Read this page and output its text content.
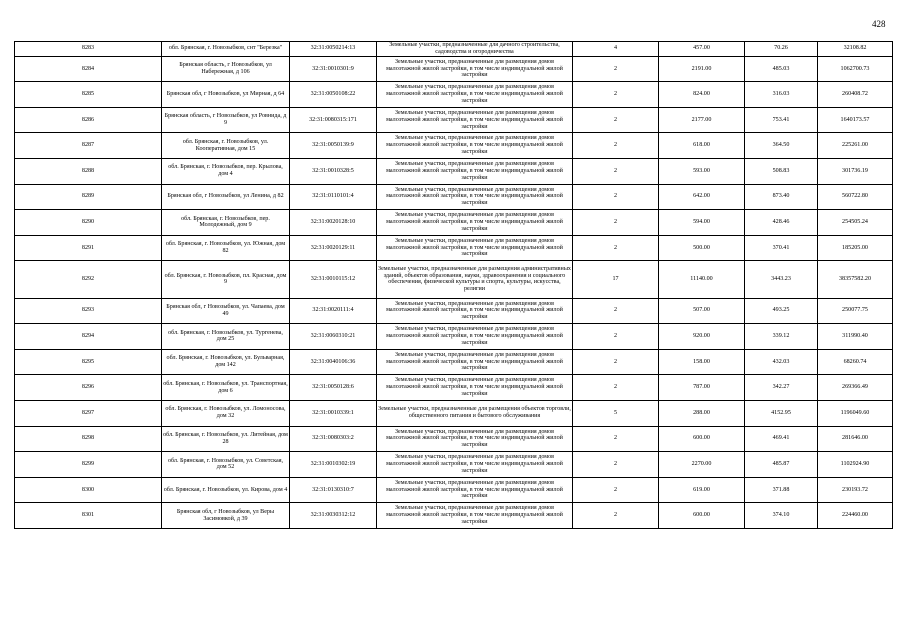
428
8283	обл. Брянская, г. Новозыбков, снт "Березка"	32:31:0050214:13	Земельные участки, предназначенные для дачного строительства, садоводства и огородничества	4	457.00	70.26	32108.82
8284	Брянская область, г Новозыбков, ул Набережная, д 106	32:31:0010301:9	Земельные участки, предназначенные для размещения домов малоэтажной жилой застройки, в том числе индивидуальной жилой застройки	2	2191.00	485.03	1062700.73
8285	Брянская обл, г Новозыбков, ул Мирная, д 64	32:31:0050108:22	Земельные участки, предназначенные для размещения домов малоэтажной жилой застройки, в том числе индивидуальной жилой застройки	2	824.00	316.03	260408.72
8286	Брянская область, г Новозыбков, ул Ровнида, д 9	32:31:0080315:171	Земельные участки, предназначенные для размещения домов малоэтажной жилой застройки, в том числе индивидуальной жилой застройки	2	2177.00	753.41	1640173.57
8287	обл. Брянская, г. Новозыбков, ул. Кооперативная, дом 15	32:31:0050139:9	Земельные участки, предназначенные для размещения домов малоэтажной жилой застройки, в том числе индивидуальной жилой застройки	2	618.00	364.50	225261.00
8288	обл. Брянская, г. Новозыбков, пер. Крылова, дом 4	32:31:0010328:5	Земельные участки, предназначенные для размещения домов малоэтажной жилой застройки, в том числе индивидуальной жилой застройки	2	593.00	508.83	301736.19
8289	Брянская обл, г Новозыбков, ул Ленина, д 82	32:31:0110101:4	Земельные участки, предназначенные для размещения домов малоэтажной жилой застройки, в том числе индивидуальной жилой застройки	2	642.00	873.40	560722.80
8290	обл. Брянская, г. Новозыбков, пер. Молодежный, дом 9	32:31:0020128:10	Земельные участки, предназначенные для размещения домов малоэтажной жилой застройки, в том числе индивидуальной жилой застройки	2	594.00	428.46	254505.24
8291	обл. Брянская, г. Новозыбков, ул. Южная, дом 82	32:31:0020129:11	Земельные участки, предназначенные для размещения домов малоэтажной жилой застройки, в том числе индивидуальной жилой застройки	2	500.00	370.41	185205.00
8292	обл. Брянская, г. Новозыбков, пл. Красная, дом 9	32:31:0010115:12	Земельные участки, предназначенные для размещения административных зданий, объектов образования, науки, здравоохранения и социального обеспечения, физической культуры и спорта, культуры, искусства, религии	17	11140.00	3443.23	38357582.20
8293	Брянская обл, г Новозыбков, ул. Чапаева, дом 49	32:31:0020111:4	Земельные участки, предназначенные для размещения домов малоэтажной жилой застройки, в том числе индивидуальной жилой застройки	2	507.00	493.25	250077.75
8294	обл. Брянская, г. Новозыбков, ул. Тургенева, дом 25	32:31:0060310:21	Земельные участки, предназначенные для размещения домов малоэтажной жилой застройки, в том числе индивидуальной жилой застройки	2	920.00	339.12	311990.40
8295	обл. Брянская, г. Новозыбков, ул. Бульварная, дом 142	32:31:0040106:36	Земельные участки, предназначенные для размещения домов малоэтажной жилой застройки, в том числе индивидуальной жилой застройки	2	158.00	432.03	68260.74
8296	обл. Брянская, г. Новозыбков, ул. Транспортная, дом 6	32:31:0050128:6	Земельные участки, предназначенные для размещения домов малоэтажной жилой застройки, в том числе индивидуальной жилой застройки	2	787.00	342.27	269366.49
8297	обл. Брянская, г. Новозыбков, ул. Ломоносова, дом 32	32:31:0010339:1	Земельные участки, предназначенные для размещения объектов торговли, общественного питания и бытового обслуживания	5	288.00	4152.95	1196049.60
8298	обл. Брянская, г. Новозыбков, ул. Литейная, дом 28	32:31:0080303:2	Земельные участки, предназначенные для размещения домов малоэтажной жилой застройки, в том числе индивидуальной жилой застройки	2	600.00	469.41	281646.00
8299	обл. Брянская, г. Новозыбков, ул. Советская, дом 52	32:31:0010302:19	Земельные участки, предназначенные для размещения домов малоэтажной жилой застройки, в том числе индивидуальной жилой застройки	2	2270.00	485.87	1102924.90
8300	обл. Брянская, г. Новозыбков, ул. Кирова, дом 4	32:31:0130310:7	Земельные участки, предназначенные для размещения домов малоэтажной жилой застройки, в том числе индивидуальной жилой застройки	2	619.00	371.88	230193.72
8301	Брянская обл, г Новозыбков, ул Веры Засимовкой, д 39	32:31:0030312:12	Земельные участки, предназначенные для размещения домов малоэтажной жилой застройки, в том числе индивидуальной жилой застройки	2	600.00	374.10	224460.00
